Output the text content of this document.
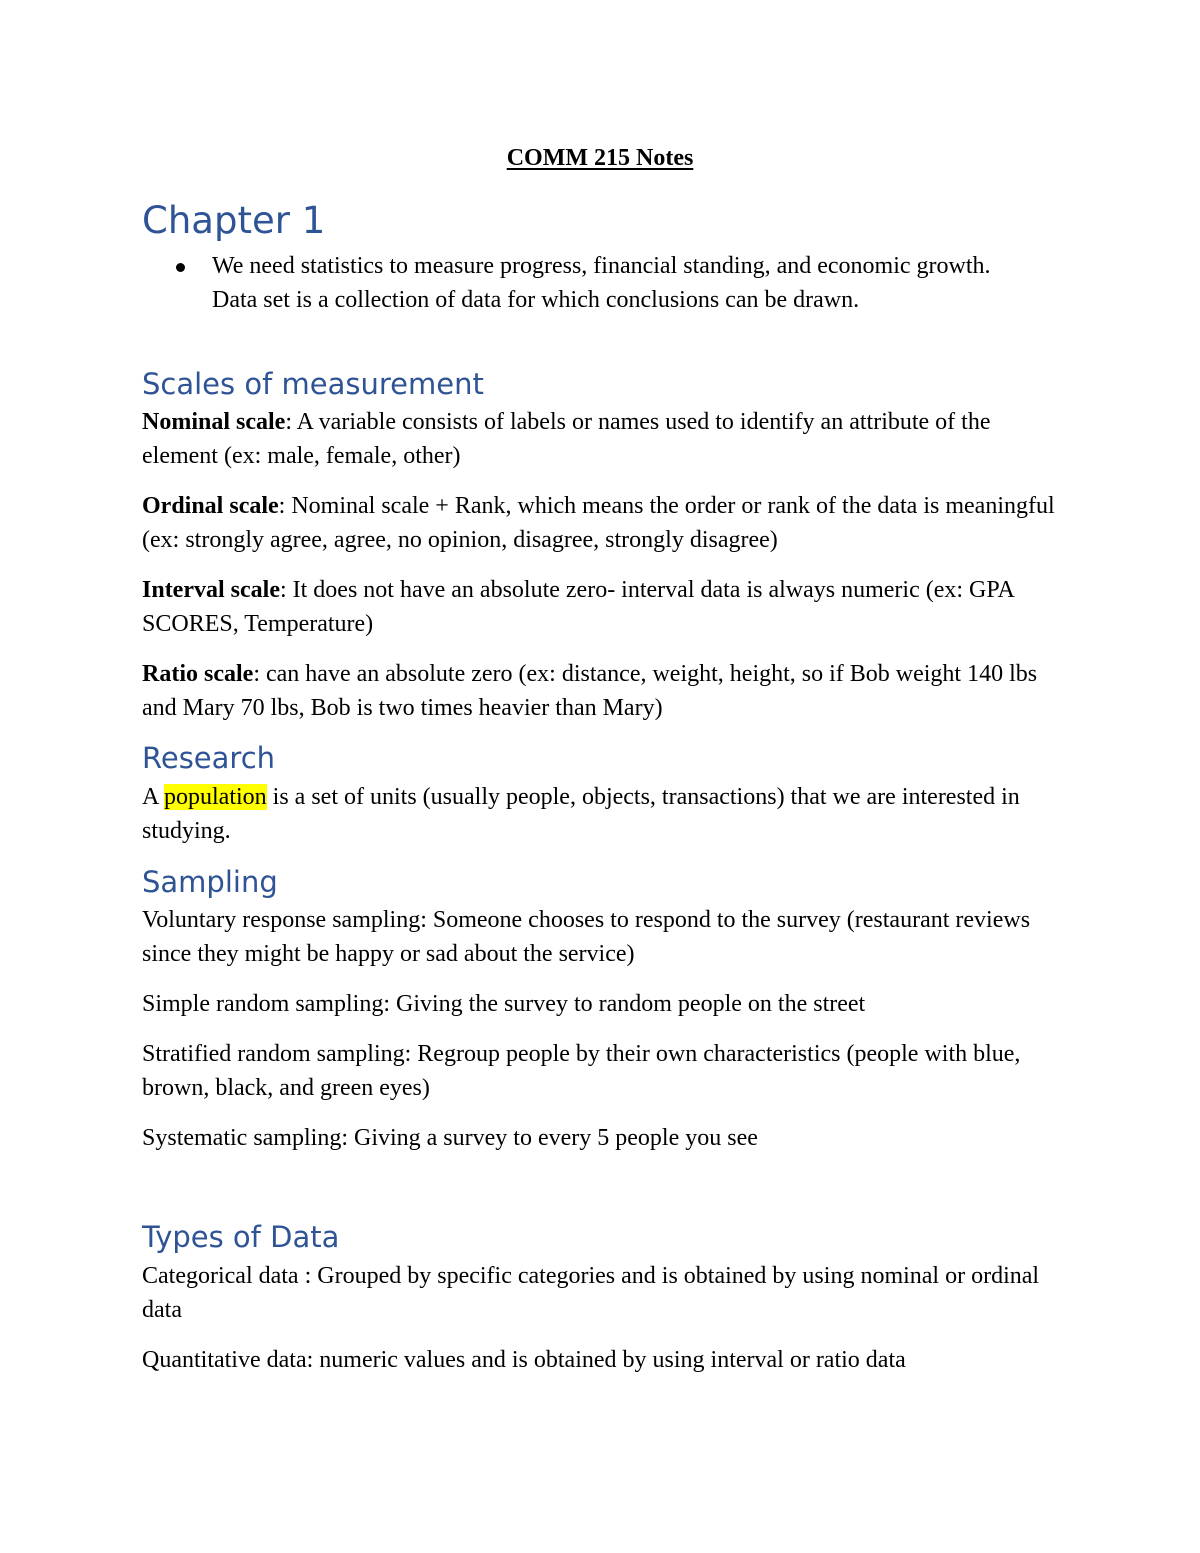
COMM 215 Notes
Chapter 1
We need statistics to measure progress, financial standing, and economic growth.
Data set is a collection of data for which conclusions can be drawn.
Scales of measurement

Nominal scale: A variable consists of labels or names used to identify an attribute of the element (ex: male, female, other)

Ordinal scale: Nominal scale + Rank, which means the order or rank of the data is meaningful (ex: strongly agree, agree, no opinion, disagree, strongly disagree)

Interval scale: It does not have an absolute zero- interval data is always numeric (ex: GPA SCORES, Temperature)

Ratio scale: can have an absolute zero (ex: distance, weight, height, so if Bob weight 140 lbs and Mary 70 lbs, Bob is two times heavier than Mary)

Research

A population is a set of units (usually people, objects, transactions) that we are interested in studying.

Sampling

Voluntary response sampling: Someone chooses to respond to the survey (restaurant reviews since they might be happy or sad about the service)

Simple random sampling: Giving the survey to random people on the street

Stratified random sampling: Regroup people by their own characteristics (people with blue, brown, black, and green eyes)

Systematic sampling: Giving a survey to every 5 people you see

Types of Data

Categorical data : Grouped by specific categories and is obtained by using nominal or ordinal data

Quantitative data: numeric values and is obtained by using interval or ratio data
